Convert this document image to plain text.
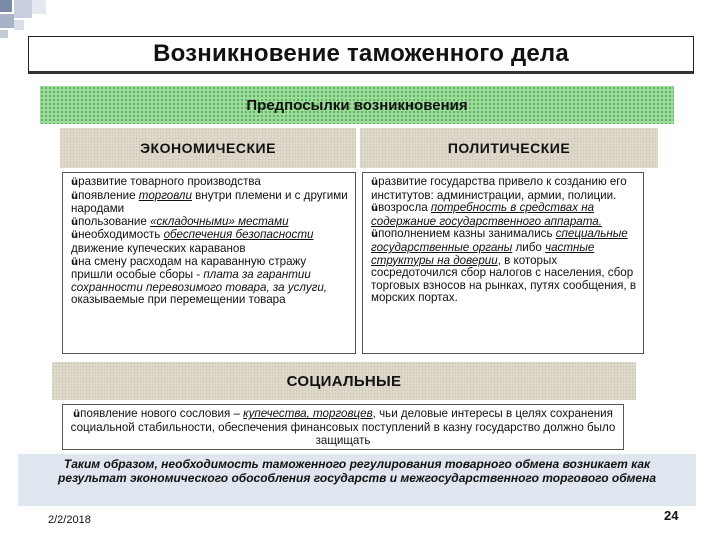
Возникновение таможенного дела
Предпосылки возникновения
ЭКОНОМИЧЕСКИЕ	ПОЛИТИЧЕСКИЕ

üразвитие товарного производства

üпоявление торговли внутри племени и с другими народами

üпользование «складочными» местами

üнеобходимость обеспечения безопасности движение купеческих караванов

üна смену расходам на караванную стражу пришли особые сборы - плата за гарантии сохранности перевозимого товара, за услуги, оказываемые при перемещении товара

üразвитие государства привело к созданию его институтов: администрации, армии, полиции.

üвозросла потребность в средствах на содержание государственного аппарата.

üпополнением казны занимались специальные государственные органы либо частные структуры на доверии, в которых сосредоточился сбор налогов с населения, сбор торговых взносов на рынках, путях сообщения, в морских портах.

СОЦИАЛЬНЫЕ
üпоявление нового сословия – купечества, торговцев, чьи деловые интересы в целях сохранения социальной стабильности, обеспечения финансовых поступлений в казну государство должно было защищать
Таким образом, необходимость таможенного регулирования товарного обмена возникает как результат экономического обособления государств и межгосударственного торгового обмена
2/2/2018	24
